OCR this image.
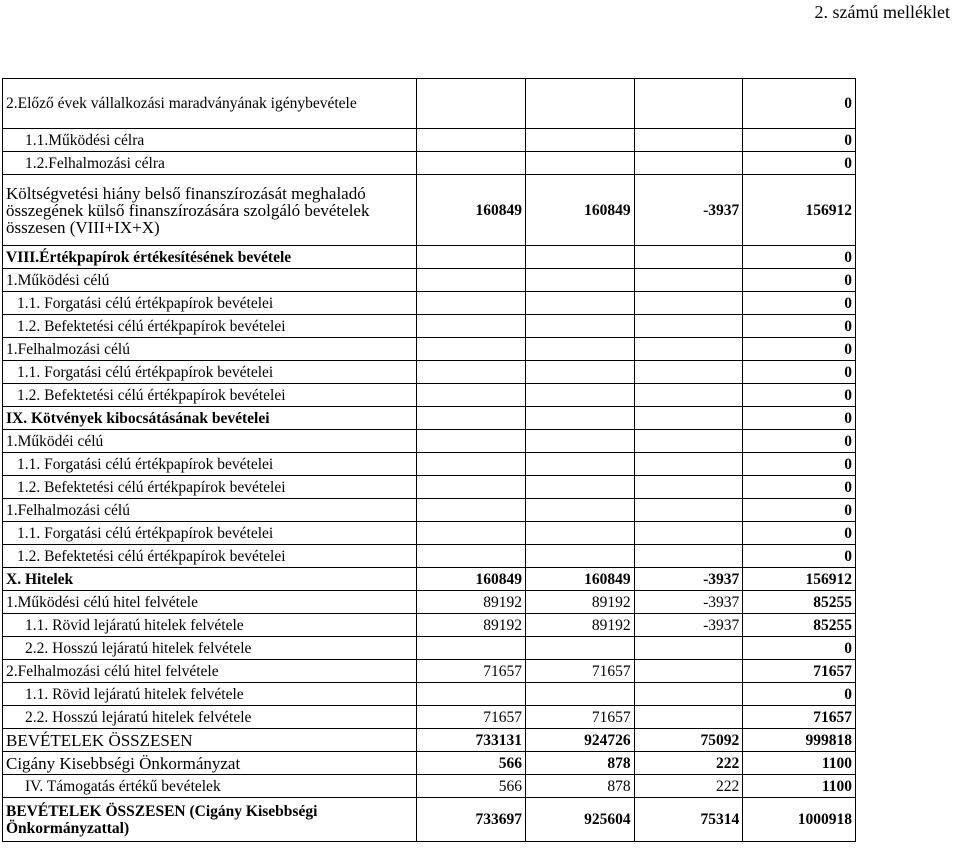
2. számú melléklet
2.Előző évek vállalkozási maradványának igénybevétele				0
1.1.Működési célra				0
1.2.Felhalmozási célra				0
Költségvetési hiány belső finanszírozását meghaladó összegének külső finanszírozására szolgáló bevételek összesen (VIII+IX+X)	160849	160849	-3937	156912
VIII.Értékpapírok értékesítésének bevétele				0
1.Működési célú				0
1.1. Forgatási célú értékpapírok bevételei				0
1.2. Befektetési célú értékpapírok bevételei				0
1.Felhalmozási célú				0
1.1. Forgatási célú értékpapírok bevételei				0
1.2. Befektetési célú értékpapírok bevételei				0
IX. Kötvények kibocsátásának bevételei				0
1.Működéi célú				0
1.1. Forgatási célú értékpapírok bevételei				0
1.2. Befektetési célú értékpapírok bevételei				0
1.Felhalmozási célú				0
1.1. Forgatási célú értékpapírok bevételei				0
1.2. Befektetési célú értékpapírok bevételei				0
X. Hitelek	160849	160849	-3937	156912
1.Működési célú hitel felvétele	89192	89192	-3937	85255
1.1. Rövid lejáratú hitelek felvétele	89192	89192	-3937	85255
2.2. Hosszú lejáratú hitelek felvétele				0
2.Felhalmozási célú hitel felvétele	71657	71657		71657
1.1. Rövid lejáratú hitelek felvétele				0
2.2. Hosszú lejáratú hitelek felvétele	71657	71657		71657
BEVÉTELEK ÖSSZESEN	733131	924726	75092	999818
Cigány Kisebbségi Önkormányzat	566	878	222	1100
IV. Támogatás értékű bevételek	566	878	222	1100
BEVÉTELEK ÖSSZESEN (Cigány Kisebbségi Önkormányzattal)	733697	925604	75314	1000918
